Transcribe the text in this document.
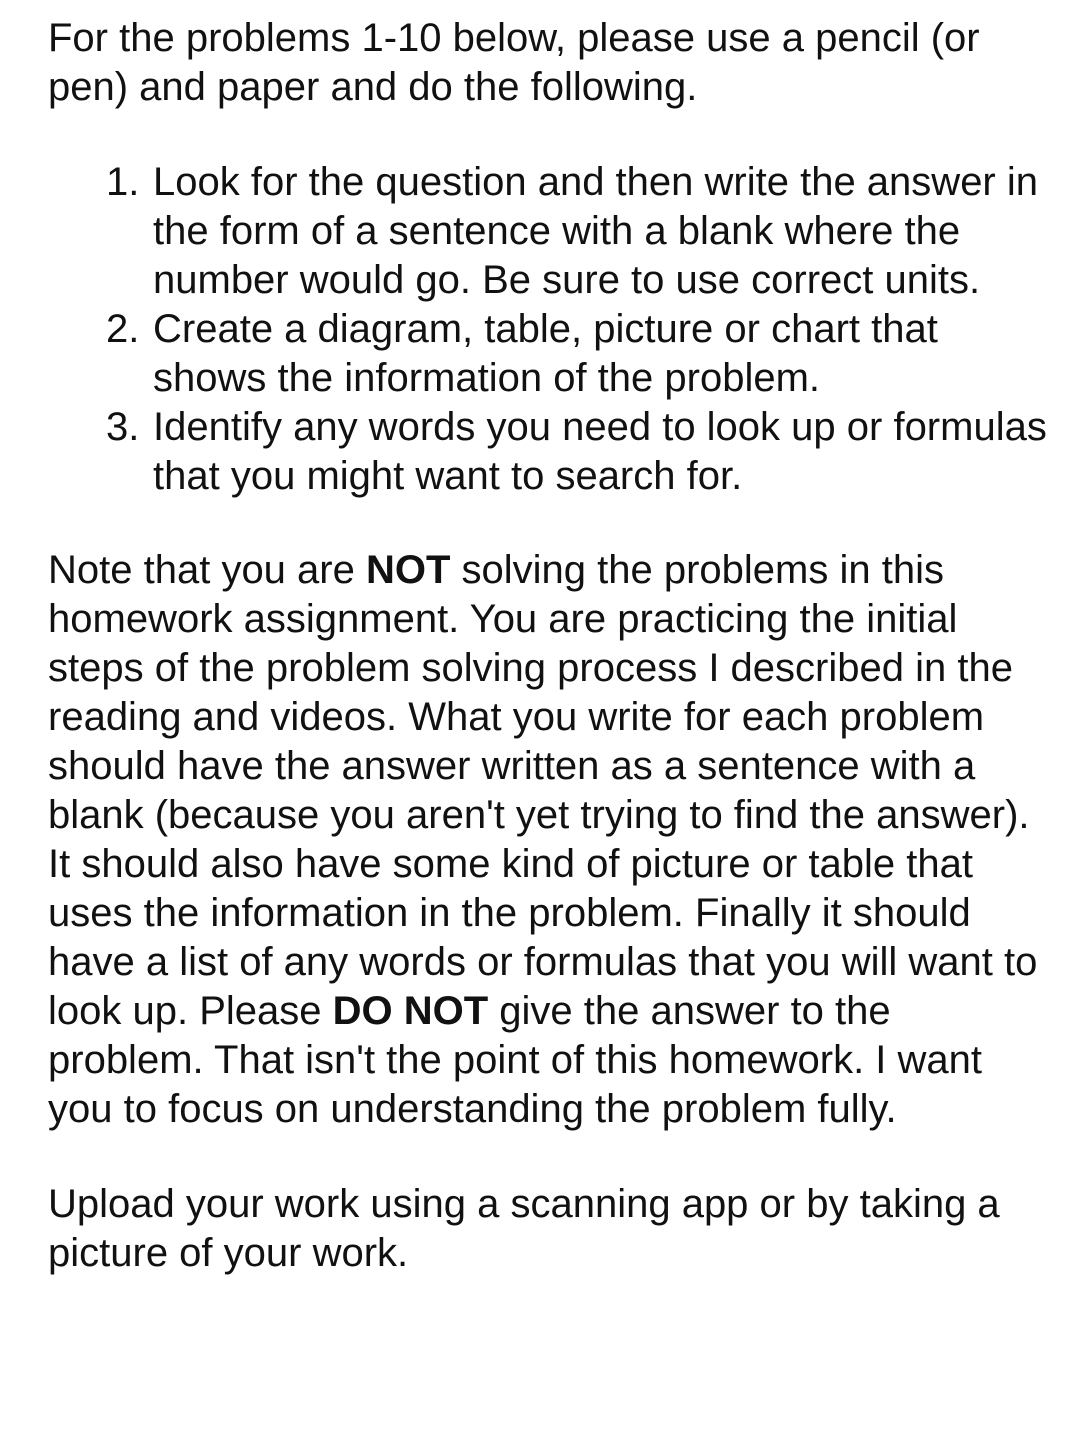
For the problems 1-10 below, please use a pencil (or pen) and paper and do the following.

1. Look for the question and then write the answer in the form of a sentence with a blank where the number would go. Be sure to use correct units.
2. Create a diagram, table, picture or chart that shows the information of the problem.
3. Identify any words you need to look up or formulas that you might want to search for.

Note that you are NOT solving the problems in this homework assignment. You are practicing the initial steps of the problem solving process I described in the reading and videos. What you write for each problem should have the answer written as a sentence with a blank (because you aren't yet trying to find the answer). It should also have some kind of picture or table that uses the information in the problem. Finally it should have a list of any words or formulas that you will want to look up. Please DO NOT give the answer to the problem. That isn't the point of this homework. I want you to focus on understanding the problem fully.

Upload your work using a scanning app or by taking a picture of your work.
